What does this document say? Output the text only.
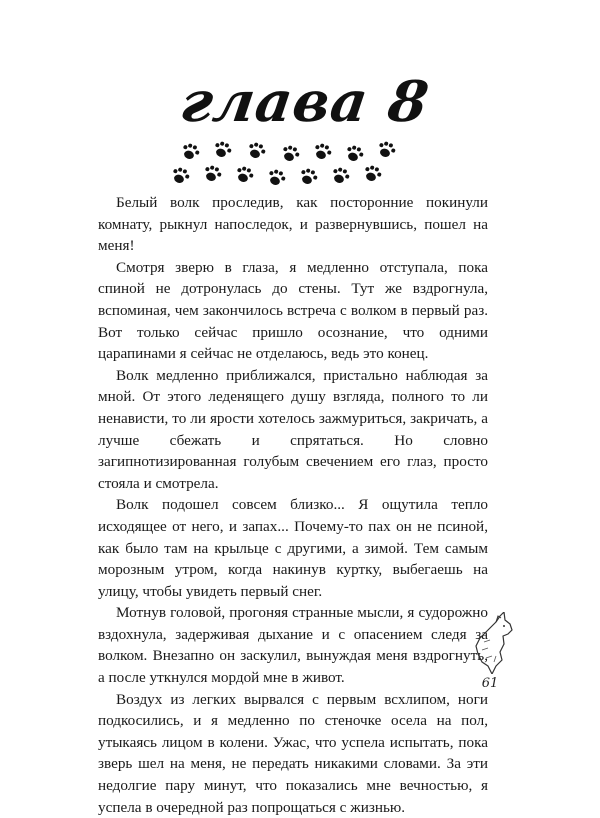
глава 8

Белый волк проследив, как посторонние покинули комнату, рыкнул напоследок, и развернувшись, пошел на меня!

Смотря зверю в глаза, я медленно отступала, пока спиной не дотронулась до стены. Тут же вздрогнула, вспоминая, чем закончилось встреча с волком в первый раз. Вот только сейчас пришло осознание, что одними царапинами я сейчас не отделаюсь, ведь это конец.

Волк медленно приближался, пристально наблюдая за мной. От этого леденящего душу взгляда, полного то ли ненависти, то ли ярости хотелось зажмуриться, закричать, а лучше сбежать и спрятаться. Но словно загипнотизированная голубым свечением его глаз, просто стояла и смотрела.

Волк подошел совсем близко... Я ощутила тепло исходящее от него, и запах... Почему-то пах он не псиной, как было там на крыльце с другими, а зимой. Тем самым морозным утром, когда накинув куртку, выбегаешь на улицу, чтобы увидеть первый снег.

Мотнув головой, прогоняя странные мысли, я судорожно вздохнула, задерживая дыхание и с опасением следя за волком. Внезапно он заскулил, вынуждая меня вздрогнуть, а после уткнулся мордой мне в живот.

Воздух из легких вырвался с первым всхлипом, ноги подкосились, и я медленно по стеночке осела на пол, утыкаясь лицом в колени. Ужас, что успела испытать, пока зверь шел на меня, не передать никакими словами. За эти недолгие пару минут, что показались мне вечностью, я успела в очередной раз попрощаться с жизнью.

61
